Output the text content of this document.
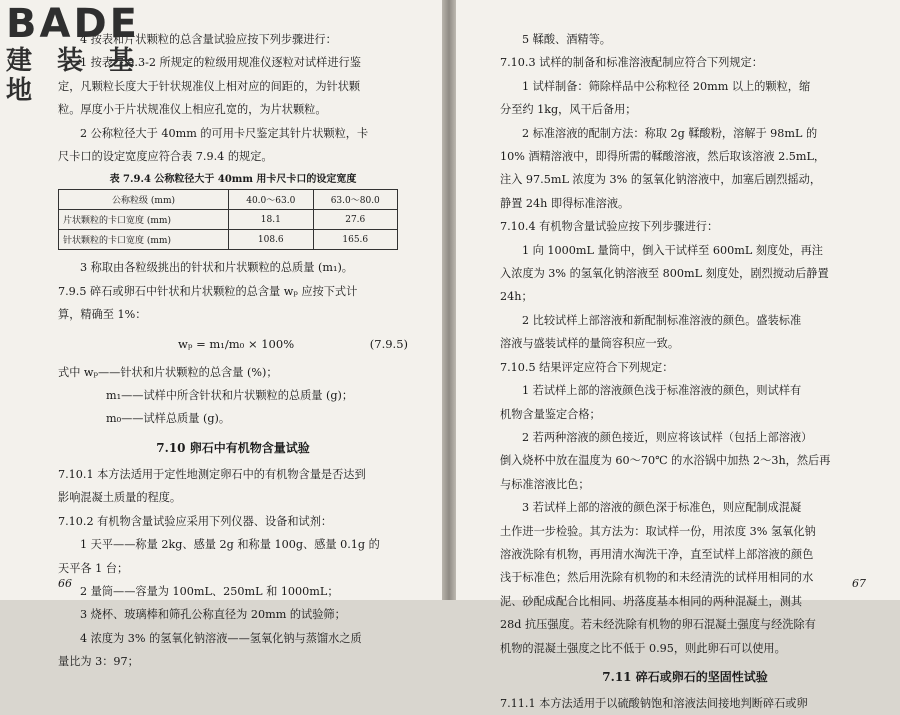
4 按表和片状颗粒的总含量试验应按下列步骤进行：

1 按表 7.9.3-2 所规定的粒级用规准仪逐粒对试样进行鉴

定，凡颗粒长度大于针状规准仪上相对应的间距的，为针状颗

粒。厚度小于片状规准仪上相应孔宽的，为片状颗粒。

2 公称粒径大于 40mm 的可用卡尺鉴定其针片状颗粒，卡

尺卡口的设定宽度应符合表 7.9.4 的规定。

表 7.9.4 公称粒径大于 40mm 用卡尺卡口的设定宽度
公称粒级 (mm)	40.0～63.0	63.0～80.0
片状颗粒的卡口宽度 (mm)	18.1	27.6
针状颗粒的卡口宽度 (mm)	108.6	165.6

3 称取由各粒级挑出的针状和片状颗粒的总质量 (m₁)。

7.9.5 碎石或卵石中针状和片状颗粒的总含量 wₚ 应按下式计

算，精确至 1%：

wₚ = m₁/m₀ × 100%	(7.9.5)

式中 wₚ——针状和片状颗粒的总含量 (%)；

m₁——试样中所含针状和片状颗粒的总质量 (g)；

m₀——试样总质量 (g)。

7.10 卵石中有机物含量试验

7.10.1 本方法适用于定性地测定卵石中的有机物含量是否达到

影响混凝土质量的程度。

7.10.2 有机物含量试验应采用下列仪器、设备和试剂：

1 天平——称量 2kg、感量 2g 和称量 100g、感量 0.1g 的

天平各 1 台；

2 量筒——容量为 100mL、250mL 和 1000mL；

3 烧杯、玻璃棒和筛孔公称直径为 20mm 的试验筛；

4 浓度为 3% 的氢氧化钠溶液——氢氧化钠与蒸馏水之质

量比为 3：97；

66

5 鞣酸、酒精等。

7.10.3 试样的制备和标准溶液配制应符合下列规定：

1 试样制备：筛除样品中公称粒径 20mm 以上的颗粒，缩

分至约 1kg，风干后备用；

2 标准溶液的配制方法：称取 2g 鞣酸粉，溶解于 98mL 的

10% 酒精溶液中，即得所需的鞣酸溶液，然后取该溶液 2.5mL，

注入 97.5mL 浓度为 3% 的氢氧化钠溶液中，加塞后剧烈摇动，

静置 24h 即得标准溶液。

7.10.4 有机物含量试验应按下列步骤进行：

1 向 1000mL 量筒中，倒入干试样至 600mL 刻度处，再注

入浓度为 3% 的氢氧化钠溶液至 800mL 刻度处，剧烈搅动后静置

24h；

2 比较试样上部溶液和新配制标准溶液的颜色。盛装标准

溶液与盛装试样的量筒容积应一致。

7.10.5 结果评定应符合下列规定：

1 若试样上部的溶液颜色浅于标准溶液的颜色，则试样有

机物含量鉴定合格；

2 若两种溶液的颜色接近，则应将该试样（包括上部溶液）

倒入烧杯中放在温度为 60～70℃ 的水浴锅中加热 2～3h，然后再

与标准溶液比色；

3 若试样上部的溶液的颜色深于标准色，则应配制成混凝

土作进一步检验。其方法为：取试样一份，用浓度 3% 氢氧化钠

溶液洗除有机物，再用清水淘洗干净，直至试样上部溶液的颜色

浅于标准色；然后用洗除有机物的和未经清洗的试样用相同的水

泥、砂配成配合比相同、坍落度基本相同的两种混凝土，测其

28d 抗压强度。若未经洗除有机物的卵石混凝土强度与经洗除有

机物的混凝土强度之比不低于 0.95，则此卵石可以使用。

7.11 碎石或卵石的坚固性试验

7.11.1 本方法适用于以硫酸钠饱和溶液法间接地判断碎石或卵

67
BADE
建 装 基 地
